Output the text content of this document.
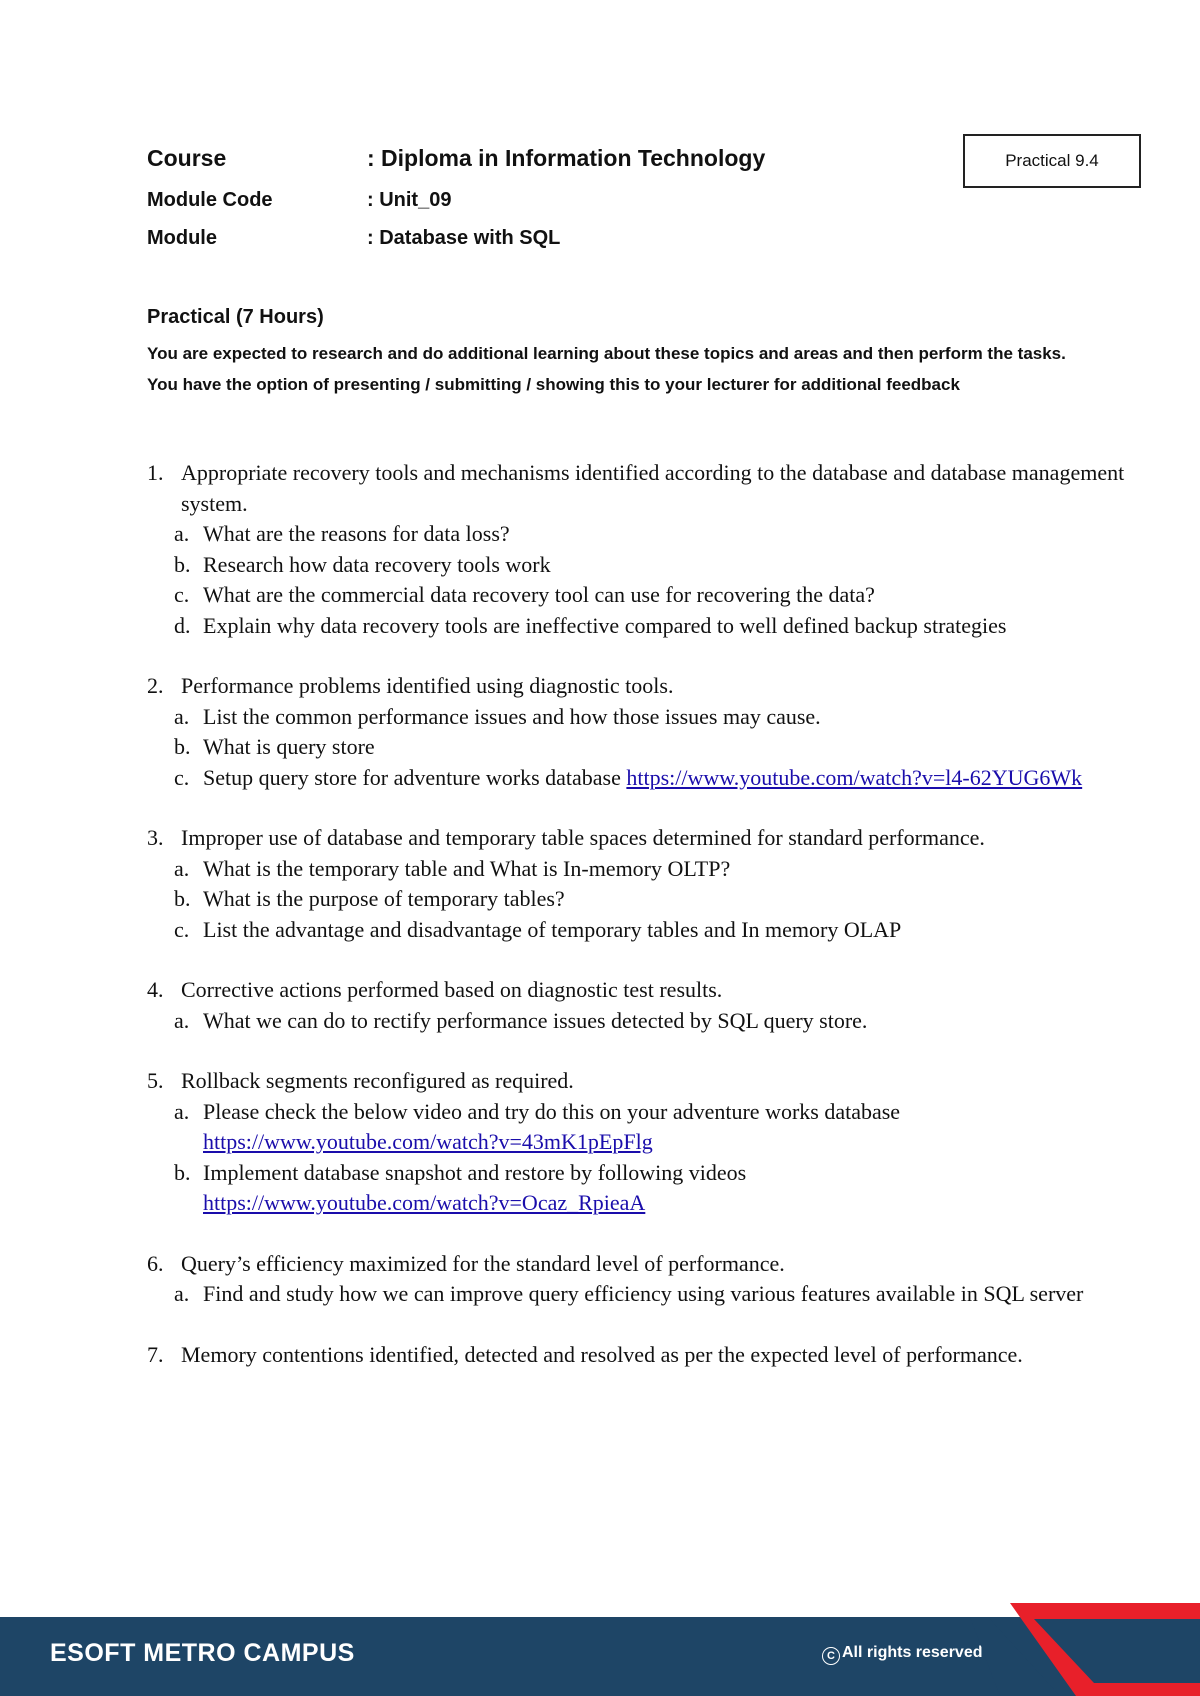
Course	: Diploma in Information Technology
Module Code	: Unit_09
Module	: Database with SQL
Practical 9.4
Practical (7 Hours)
You are expected to research and do additional learning about these topics and areas and then perform the tasks.
You have the option of presenting / submitting / showing this to your lecturer for additional feedback
1. Appropriate recovery tools and mechanisms identified according to the database and database management system.
a. What are the reasons for data loss?
b. Research how data recovery tools work
c. What are the commercial data recovery tool can use for recovering the data?
d. Explain why data recovery tools are ineffective compared to well defined backup strategies
2. Performance problems identified using diagnostic tools.
a. List the common performance issues and how those issues may cause.
b. What is query store
c. Setup query store for adventure works database https://www.youtube.com/watch?v=l4-62YUG6Wk
3. Improper use of database and temporary table spaces determined for standard performance.
a. What is the temporary table and What is In-memory OLTP?
b. What is the purpose of temporary tables?
c. List the advantage and disadvantage of temporary tables and In memory OLAP
4. Corrective actions performed based on diagnostic test results.
a. What we can do to rectify performance issues detected by SQL query store.
5. Rollback segments reconfigured as required.
a. Please check the below video and try do this on your adventure works database
https://www.youtube.com/watch?v=43mK1pEpFlg
b. Implement database snapshot and restore by following videos
https://www.youtube.com/watch?v=Ocaz_RpieaA
6. Query’s efficiency maximized for the standard level of performance.
a. Find and study how we can improve query efficiency using various features available in SQL server
7. Memory contentions identified, detected and resolved as per the expected level of performance.
ESOFT METRO CAMPUS	C All rights reserved
